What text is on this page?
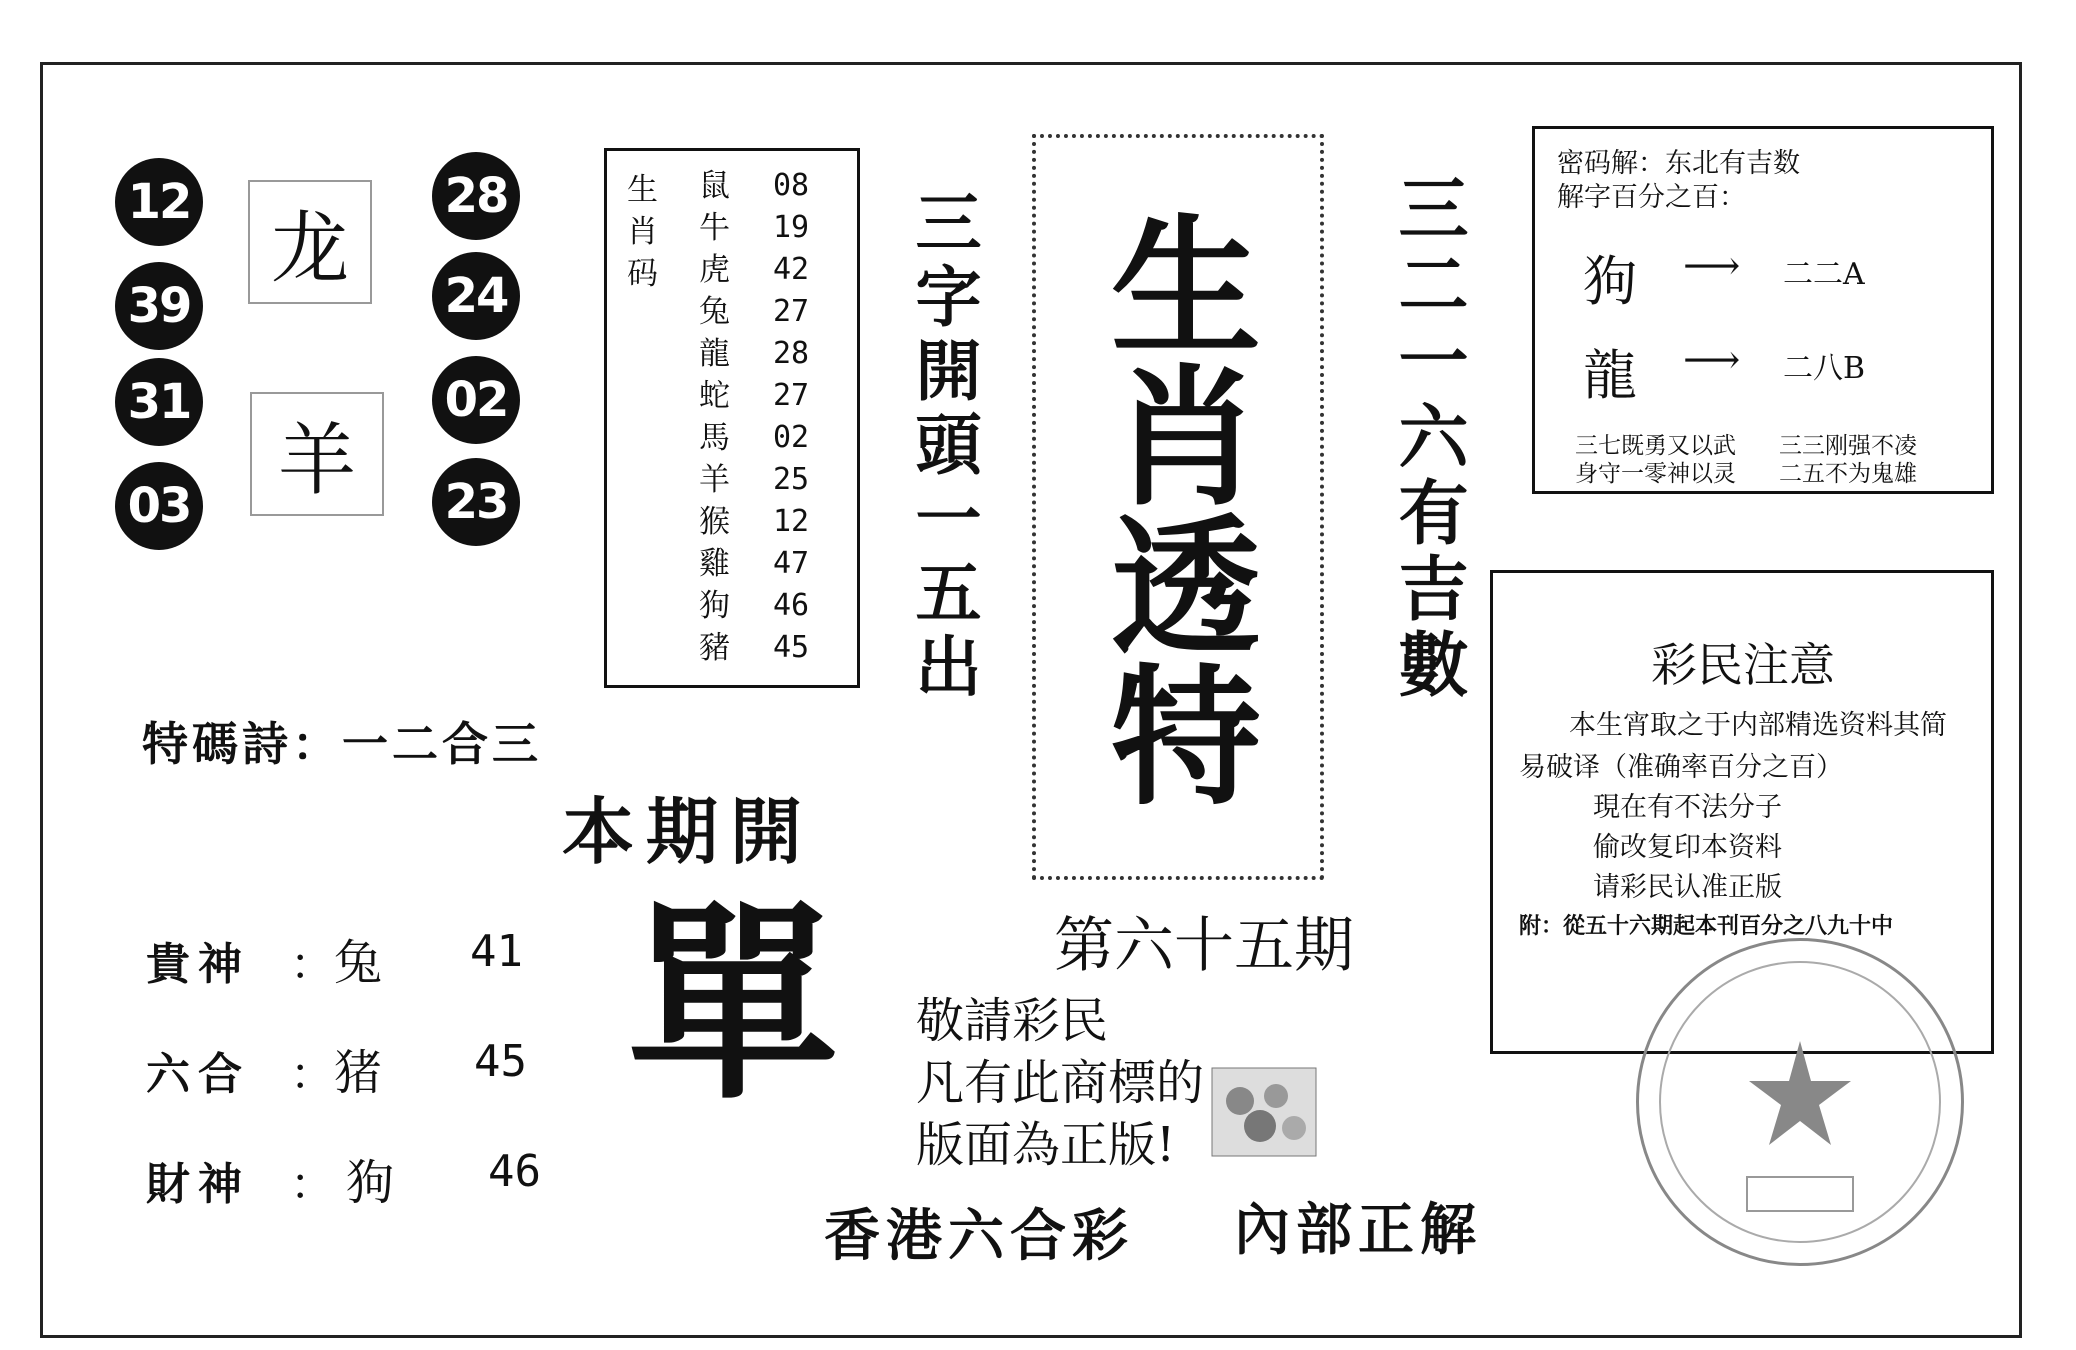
12
39
31
03
28
24
02
23
龙
羊
生肖码
鼠
牛
虎
兔
龍
蛇
馬
羊
猴
雞
狗
豬
08
19
42
27
28
27
02
25
12
47
46
45	三字開頭一五出 生肖透特 三二一六有吉數
第六十五期
密码解：东北有吉数
解字百分之百：
狗 ⟶ 二二A
龍 ⟶ 二八B
三七既勇又以武
身守一零神以灵
三三刚强不凌
二五不为鬼雄
彩民注意
本生宵取之于内部精选资料其简
易破译（准确率百分之百）
現在有不法分子
偷改复印本资料
请彩民认准正版
附：從五十六期起本刊百分之八九十中
特碼詩：一二合三
本期開
貴神 ： 兔 41
六合 ： 猪 45
財神 ： 狗 46
單 敬請彩民
凡有此商標的
版面為正版!
香港六合彩 內部正解
